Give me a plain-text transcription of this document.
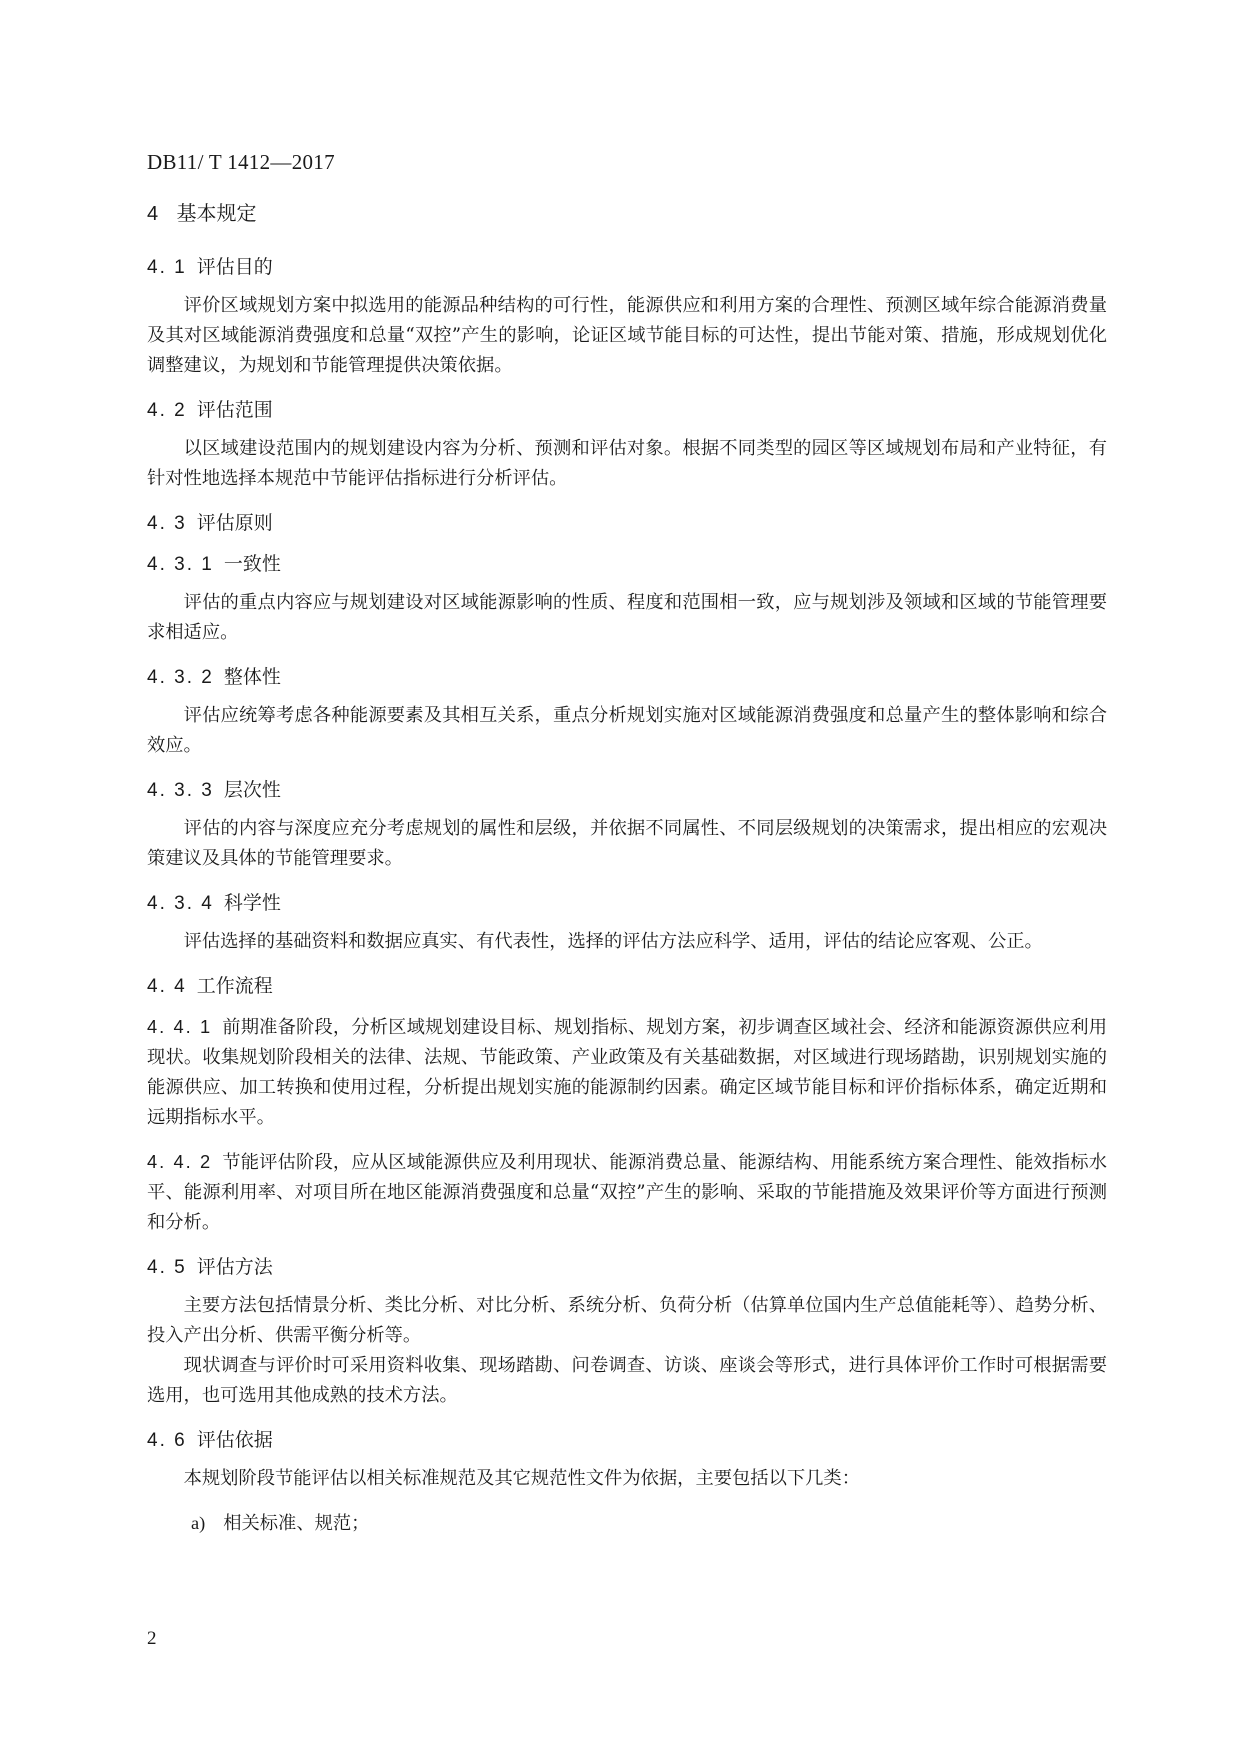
DB11/ T 1412—2017
4 基本规定
4. 1 评估目的

评价区域规划方案中拟选用的能源品种结构的可行性，能源供应和利用方案的合理性、预测区域年综合能源消费量及其对区域能源消费强度和总量“双控”产生的影响，论证区域节能目标的可达性，提出节能对策、措施，形成规划优化调整建议，为规划和节能管理提供决策依据。

4. 2 评估范围

以区域建设范围内的规划建设内容为分析、预测和评估对象。根据不同类型的园区等区域规划布局和产业特征，有针对性地选择本规范中节能评估指标进行分析评估。

4. 3 评估原则
4. 3. 1 一致性

评估的重点内容应与规划建设对区域能源影响的性质、程度和范围相一致，应与规划涉及领域和区域的节能管理要求相适应。

4. 3. 2 整体性

评估应统筹考虑各种能源要素及其相互关系，重点分析规划实施对区域能源消费强度和总量产生的整体影响和综合效应。

4. 3. 3 层次性

评估的内容与深度应充分考虑规划的属性和层级，并依据不同属性、不同层级规划的决策需求，提出相应的宏观决策建议及具体的节能管理要求。

4. 3. 4 科学性

评估选择的基础资料和数据应真实、有代表性，选择的评估方法应科学、适用，评估的结论应客观、公正。

4. 4 工作流程

4. 4. 1 前期准备阶段，分析区域规划建设目标、规划指标、规划方案，初步调查区域社会、经济和能源资源供应利用现状。收集规划阶段相关的法律、法规、节能政策、产业政策及有关基础数据，对区域进行现场踏勘，识别规划实施的能源供应、加工转换和使用过程，分析提出规划实施的能源制约因素。确定区域节能目标和评价指标体系，确定近期和远期指标水平。

4. 4. 2 节能评估阶段，应从区域能源供应及利用现状、能源消费总量、能源结构、用能系统方案合理性、能效指标水平、能源利用率、对项目所在地区能源消费强度和总量“双控”产生的影响、采取的节能措施及效果评价等方面进行预测和分析。

4. 5 评估方法

主要方法包括情景分析、类比分析、对比分析、系统分析、负荷分析（估算单位国内生产总值能耗等）、趋势分析、投入产出分析、供需平衡分析等。

现状调查与评价时可采用资料收集、现场踏勘、问卷调查、访谈、座谈会等形式，进行具体评价工作时可根据需要选用，也可选用其他成熟的技术方法。

4. 6 评估依据

本规划阶段节能评估以相关标准规范及其它规范性文件为依据，主要包括以下几类：

a) 相关标准、规范；
2
